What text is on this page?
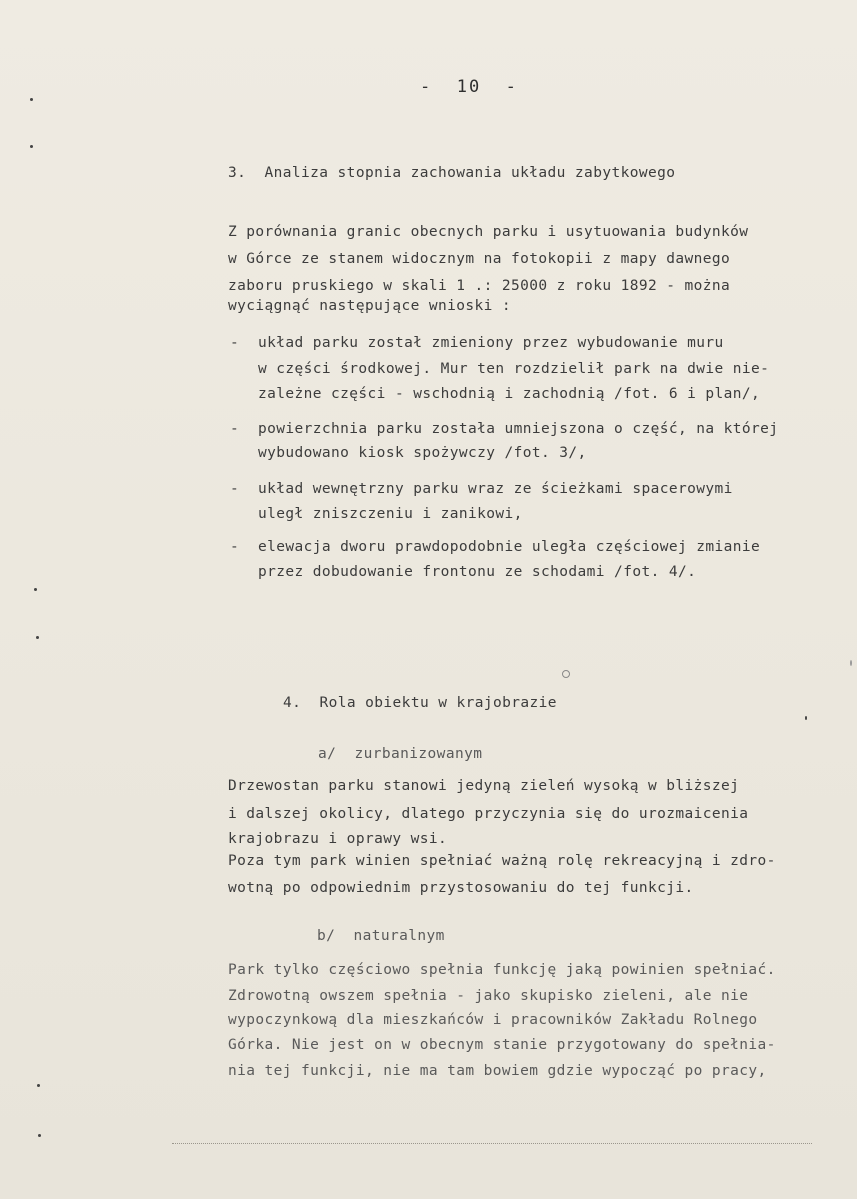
-  10  -
3.  Analiza stopnia zachowania układu zabytkowego
Z porównania granic obecnych parku i usytuowania budynków
w Górce ze stanem widocznym na fotokopii z mapy dawnego
zaboru pruskiego w skali 1 .: 25000 z roku 1892 - można
wyciągnąć następujące wnioski :
- układ parku został zmieniony przez wybudowanie muru
w części środkowej. Mur ten rozdzielił park na dwie nie-
zależne części - wschodnią i zachodnią /fot. 6 i plan/,
- powierzchnia parku została umniejszona o część, na której
wybudowano kiosk spożywczy /fot. 3/,
- układ wewnętrzny parku wraz ze ścieżkami spacerowymi
uległ zniszczeniu i zanikowi,
- elewacja dworu prawdopodobnie uległa częściowej zmianie
przez dobudowanie frontonu ze schodami /fot. 4/.
4.  Rola obiektu w krajobrazie
a/  zurbanizowanym
Drzewostan parku stanowi jedyną zieleń wysoką w bliższej
i dalszej okolicy, dlatego przyczynia się do urozmaicenia
krajobrazu i oprawy wsi.
Poza tym park winien spełniać ważną rolę rekreacyjną i zdro-
wotną po odpowiednim przystosowaniu do tej funkcji.
b/  naturalnym
Park tylko częściowo spełnia funkcję jaką powinien spełniać.
Zdrowotną owszem spełnia - jako skupisko zieleni, ale nie
wypoczynkową dla mieszkańców i pracowników Zakładu Rolnego
Górka. Nie jest on w obecnym stanie przygotowany do spełnia-
nia tej funkcji, nie ma tam bowiem gdzie wypocząć po pracy,
